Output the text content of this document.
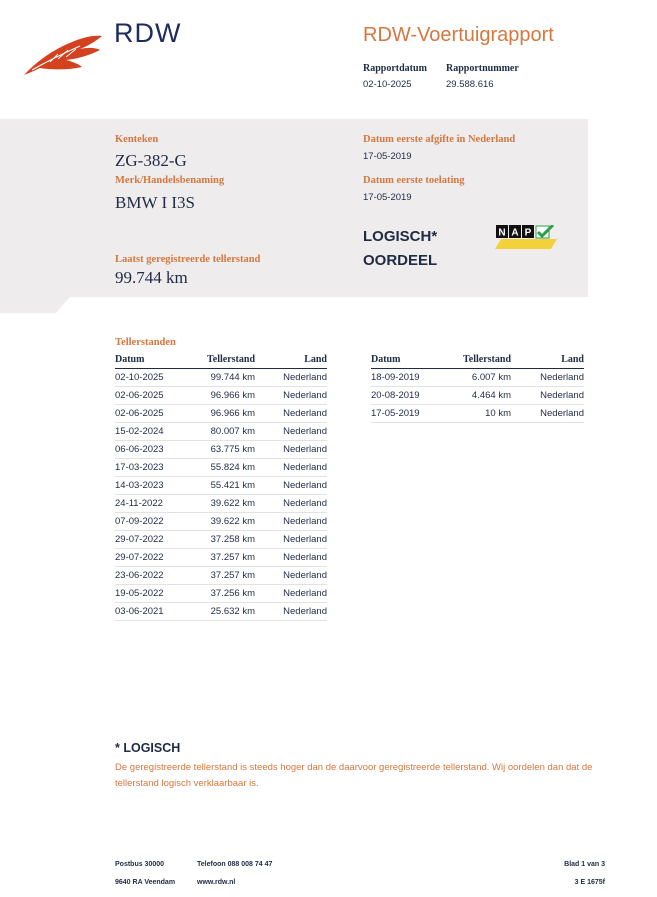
RDW	RDW-Voertuigrapport
Rapportdatum
02-10-2025
Rapportnummer
29.588.616
Kenteken
ZG-382-G
Merk/Handelsbenaming
BMW I I3S
Laatst geregistreerde tellerstand
99.744 km
Datum eerste afgifte in Nederland
17-05-2019
Datum eerste toelating
17-05-2019
LOGISCH*
OORDEEL
N A P
Tellerstanden
Datum	Tellerstand	Land
02-10-2025	99.744 km	Nederland
02-06-2025	96.966 km	Nederland
02-06-2025	96.966 km	Nederland
15-02-2024	80.007 km	Nederland
06-06-2023	63.775 km	Nederland
17-03-2023	55.824 km	Nederland
14-03-2023	55.421 km	Nederland
24-11-2022	39.622 km	Nederland
07-09-2022	39.622 km	Nederland
29-07-2022	37.258 km	Nederland
29-07-2022	37.257 km	Nederland
23-06-2022	37.257 km	Nederland
19-05-2022	37.256 km	Nederland
03-06-2021	25.632 km	Nederland
Datum	Tellerstand	Land
18-09-2019	6.007 km	Nederland
20-08-2019	4.464 km	Nederland
17-05-2019	10 km	Nederland
* LOGISCH
De geregistreerde tellerstand is steeds hoger dan de daarvoor geregistreerde tellerstand. Wij oordelen dan dat de tellerstand logisch verklaarbaar is.
Postbus 30000
9640 RA Veendam
Telefoon 088 008 74 47
www.rdw.nl
Blad 1 van 3
3 E 1675f
